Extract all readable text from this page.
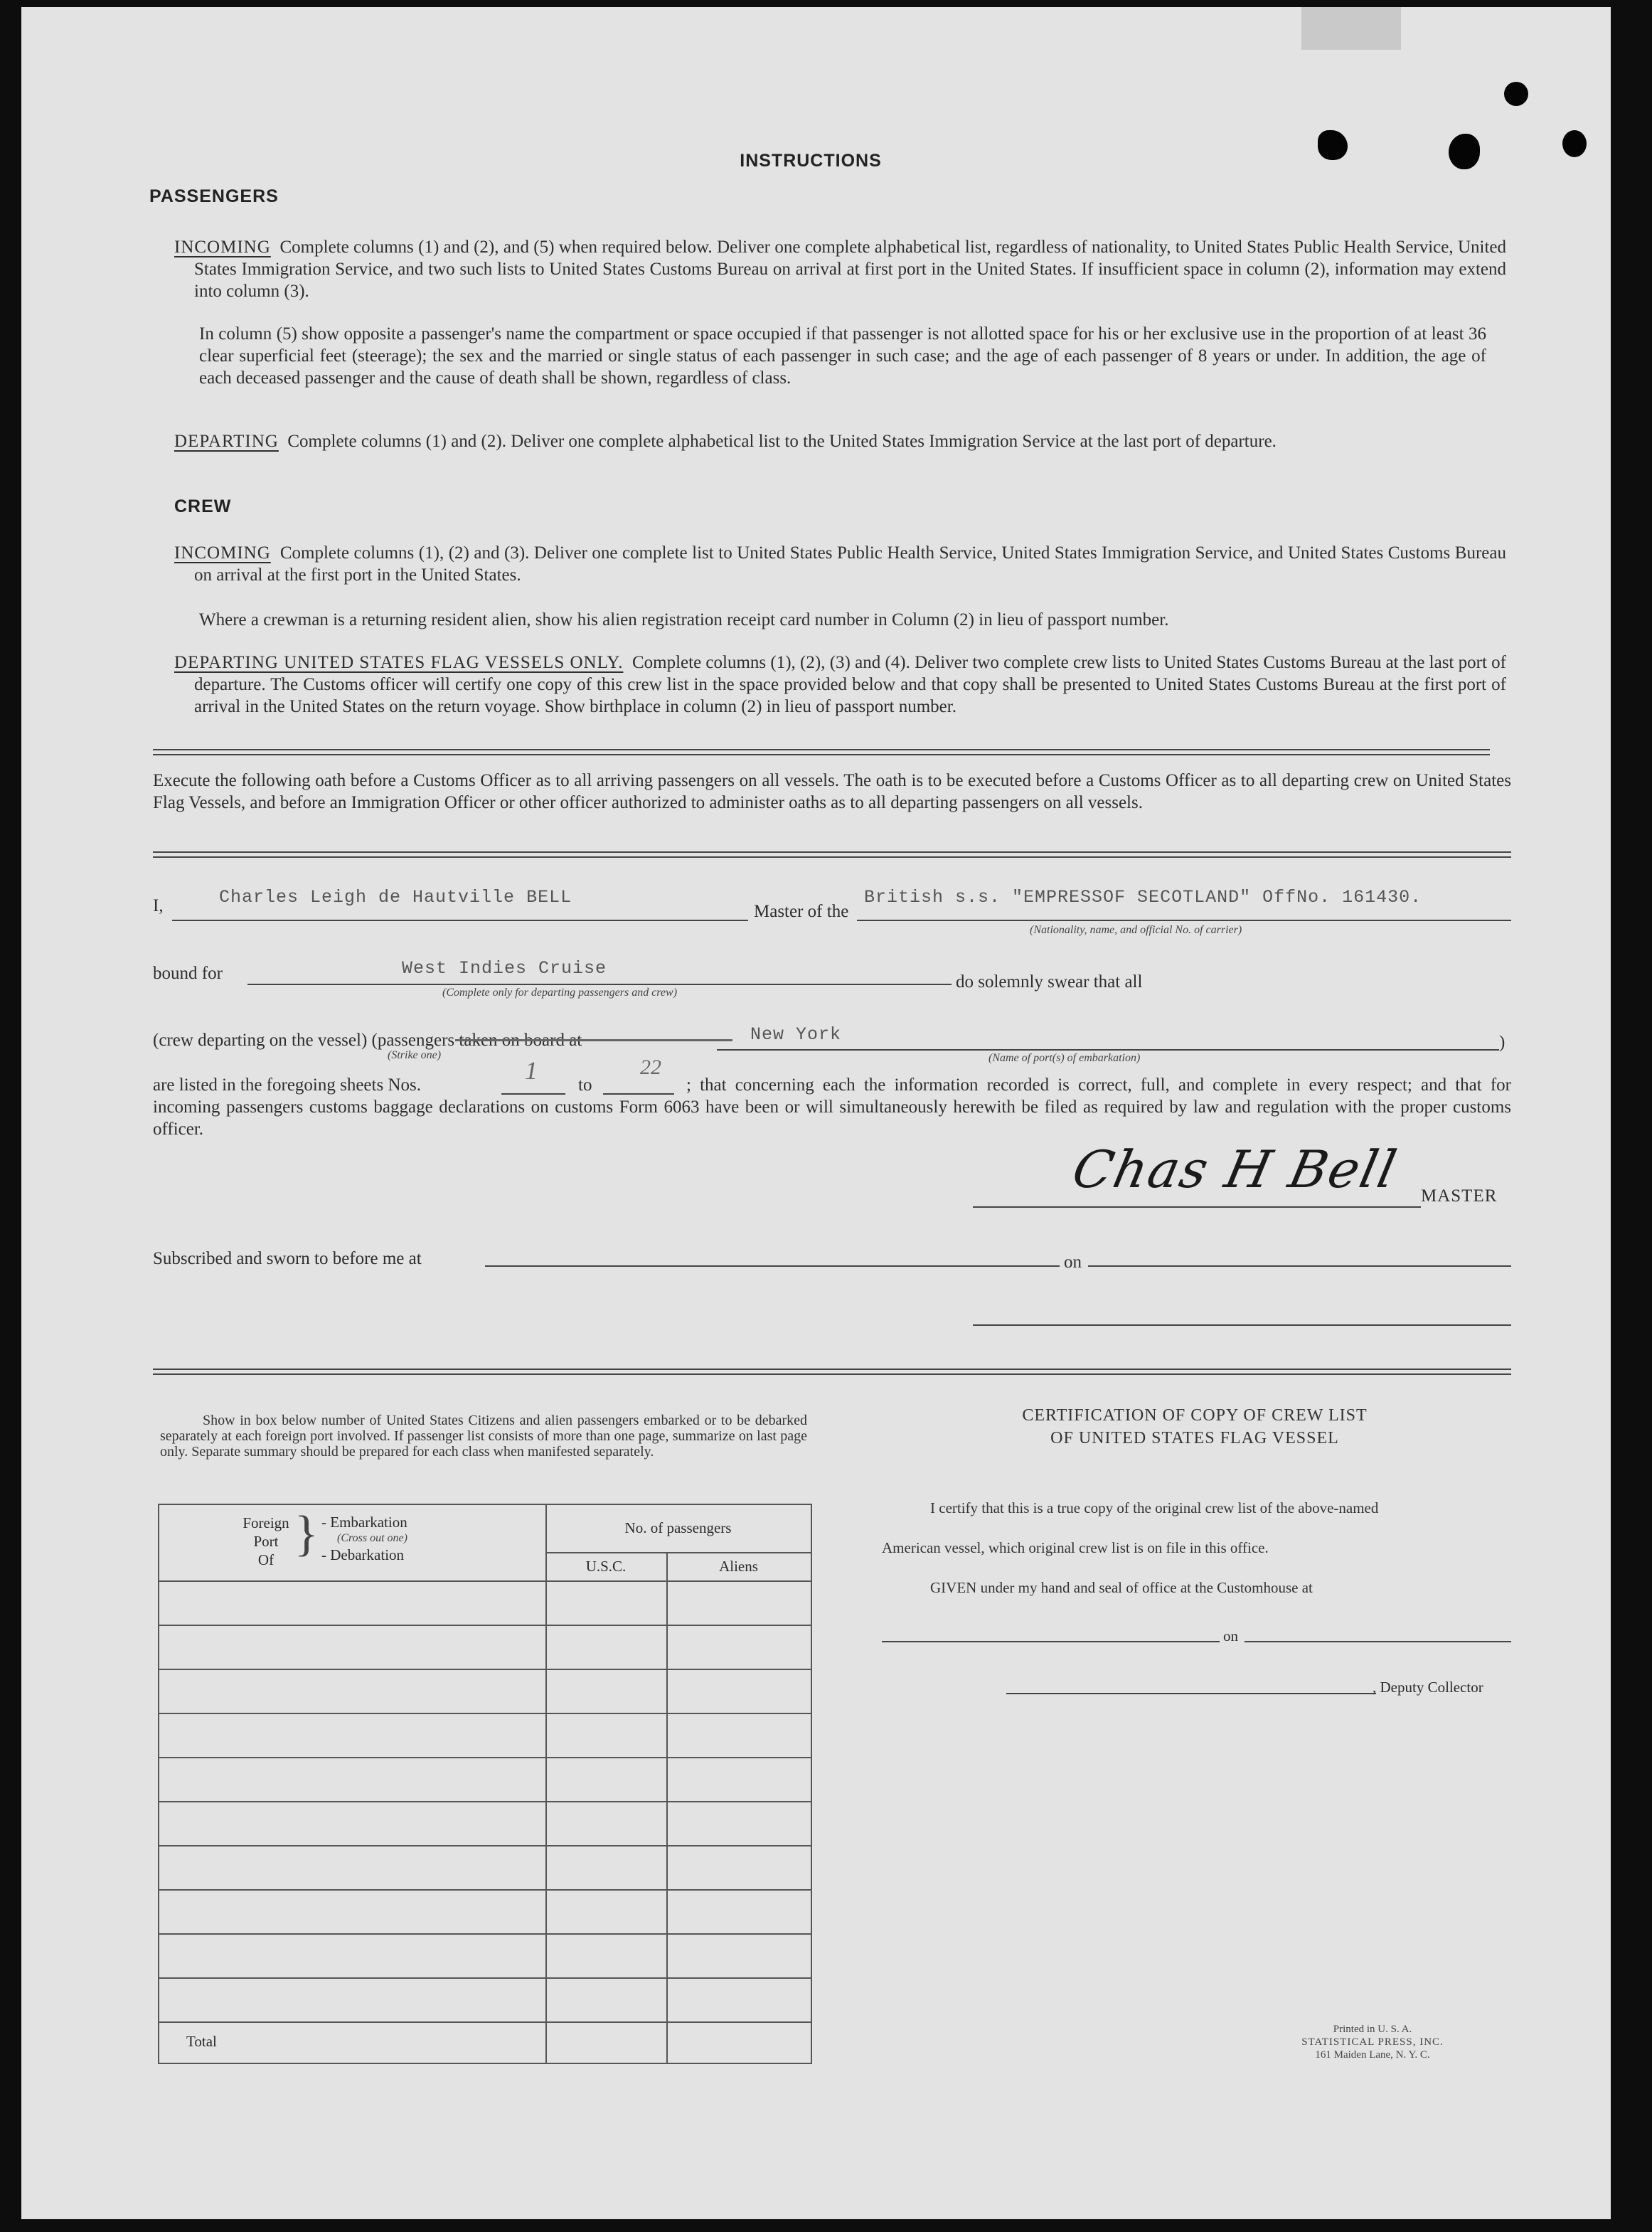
INSTRUCTIONS
PASSENGERS
INCOMING Complete columns (1) and (2), and (5) when required below. Deliver one complete alphabetical list, regardless of nationality, to United States Public Health Service, United States Immigration Service, and two such lists to United States Customs Bureau on arrival at first port in the United States. If insufficient space in column (2), information may extend into column (3).
In column (5) show opposite a passenger's name the compartment or space occupied if that passenger is not allotted space for his or her exclusive use in the proportion of at least 36 clear superficial feet (steerage); the sex and the married or single status of each passenger in such case; and the age of each passenger of 8 years or under. In addition, the age of each deceased passenger and the cause of death shall be shown, regardless of class.
DEPARTING Complete columns (1) and (2). Deliver one complete alphabetical list to the United States Immigration Service at the last port of departure.
CREW
INCOMING Complete columns (1), (2) and (3). Deliver one complete list to United States Public Health Service, United States Immigration Service, and United States Customs Bureau on arrival at the first port in the United States.
Where a crewman is a returning resident alien, show his alien registration receipt card number in Column (2) in lieu of passport number.
DEPARTING UNITED STATES FLAG VESSELS ONLY. Complete columns (1), (2), (3) and (4). Deliver two complete crew lists to United States Customs Bureau at the last port of departure. The Customs officer will certify one copy of this crew list in the space provided below and that copy shall be presented to United States Customs Bureau at the first port of arrival in the United States on the return voyage. Show birthplace in column (2) in lieu of passport number.
Execute the following oath before a Customs Officer as to all arriving passengers on all vessels. The oath is to be executed before a Customs Officer as to all departing crew on United States Flag Vessels, and before an Immigration Officer or other officer authorized to administer oaths as to all departing passengers on all vessels.
I,	Charles Leigh de Hautville BELL
Master of the
British s.s. "EMPRESSOF SECOTLAND" OffNo. 161430.
(Nationality, name, and official No. of carrier)
bound for	West Indies Cruise
(Complete only for departing passengers and crew)
do solemnly swear that all
(crew departing on the vessel) (passengers taken on board at
(Strike one)
New York
(Name of port(s) of embarkation)
)
are listed in the foregoing sheets Nos.
1
to
22
; that concerning each the information recorded is correct, full, and complete in every respect; and that for incoming passengers customs baggage declarations on customs Form 6063 have been or will simultaneously herewith be filed as required by law and regulation with the proper customs officer.
Chas H Bell MASTER
Subscribed and sworn to before me at	on
Show in box below number of United States Citizens and alien passengers embarked or to be debarked separately at each foreign port involved. If passenger list consists of more than one page, summarize on last page only. Separate summary should be prepared for each class when manifested separately.
Foreign
Port
Of } - Embarkation
(Cross out one)
- Debarkation
No. of passengers
U.S.C.	Aliens
Total
CERTIFICATION OF COPY OF CREW LIST
OF UNITED STATES FLAG VESSEL
I certify that this is a true copy of the original crew list of the above-named
American vessel, which original crew list is on file in this office.
GIVEN under my hand and seal of office at the Customhouse at
on
, Deputy Collector
Printed in U. S. A.
STATISTICAL PRESS, INC.
161 Maiden Lane, N. Y. C.
